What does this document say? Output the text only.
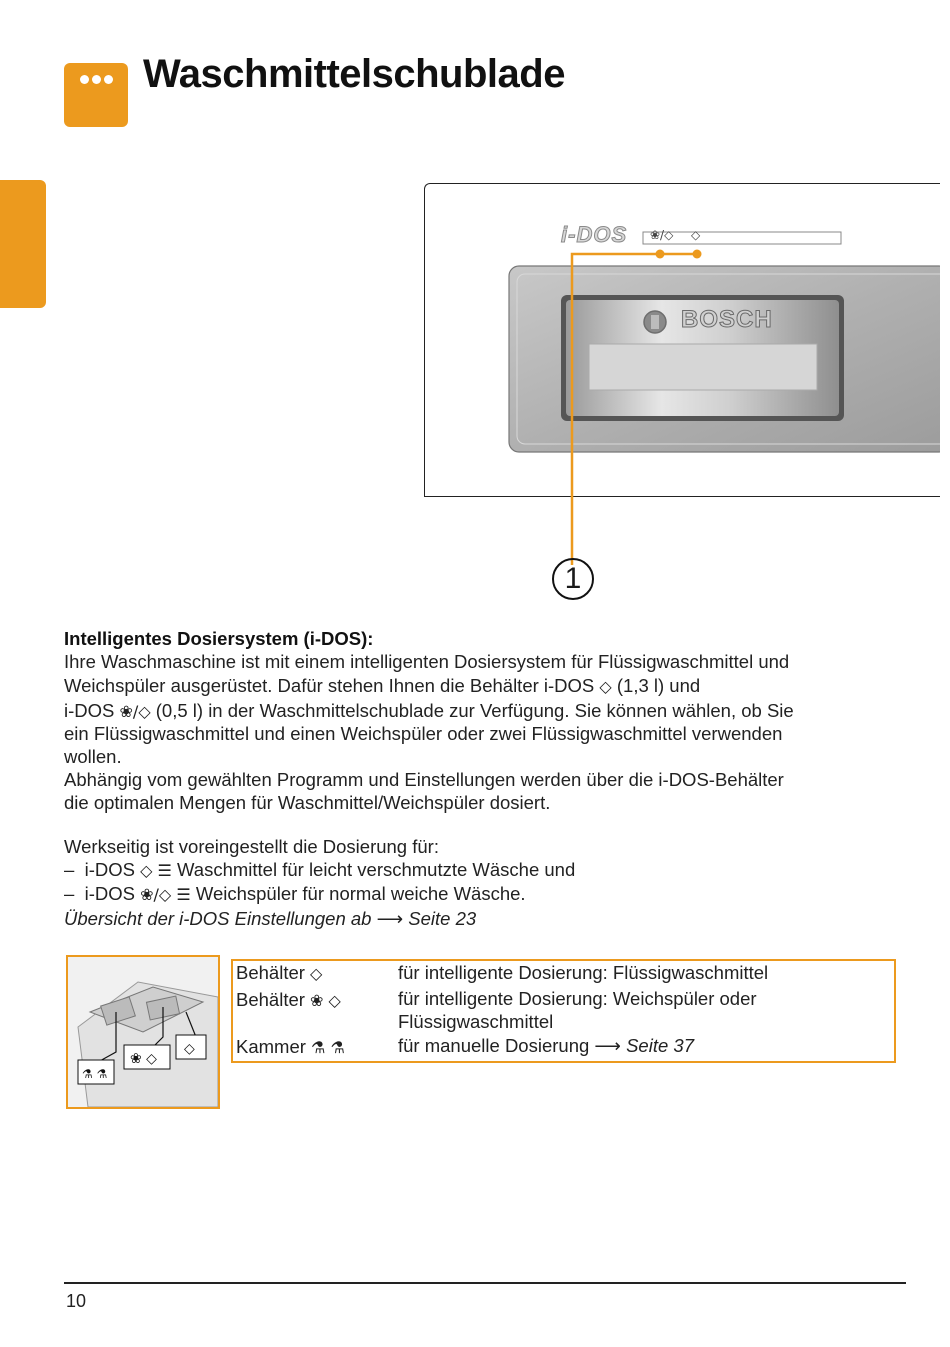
Waschmittelschublade
i-DOS ❀/◇ ◇
BOSCH
1
Intelligentes Dosiersystem (i-DOS):
Ihre Waschmaschine ist mit einem intelligenten Dosiersystem für Flüssigwaschmittel und
Weichspüler ausgerüstet. Dafür stehen Ihnen die Behälter i-DOS ◇ (1,3 l) und
i-DOS ❀/◇ (0,5 l) in der Waschmittelschublade zur Verfügung. Sie können wählen, ob Sie
ein Flüssigwaschmittel und einen Weichspüler oder zwei Flüssigwaschmittel verwenden
wollen.
Abhängig vom gewählten Programm und Einstellungen werden über die i-DOS-Behälter
die optimalen Mengen für Waschmittel/Weichspüler dosiert.
Werkseitig ist voreingestellt die Dosierung für:
–  i-DOS ◇ ☰ Waschmittel für leicht verschmutzte Wäsche und
–  i-DOS ❀/◇ ☰ Weichspüler für normal weiche Wäsche.
Übersicht der i-DOS Einstellungen ab ⟶ Seite 23
⚗ ⚗
❀ ◇
◇
Behälter ◇	für intelligente Dosierung: Flüssigwaschmittel
Behälter ❀ ◇	für intelligente Dosierung: Weichspüler oder
Flüssigwaschmittel
Kammer ⚗ ⚗	für manuelle Dosierung ⟶ Seite 37
10
